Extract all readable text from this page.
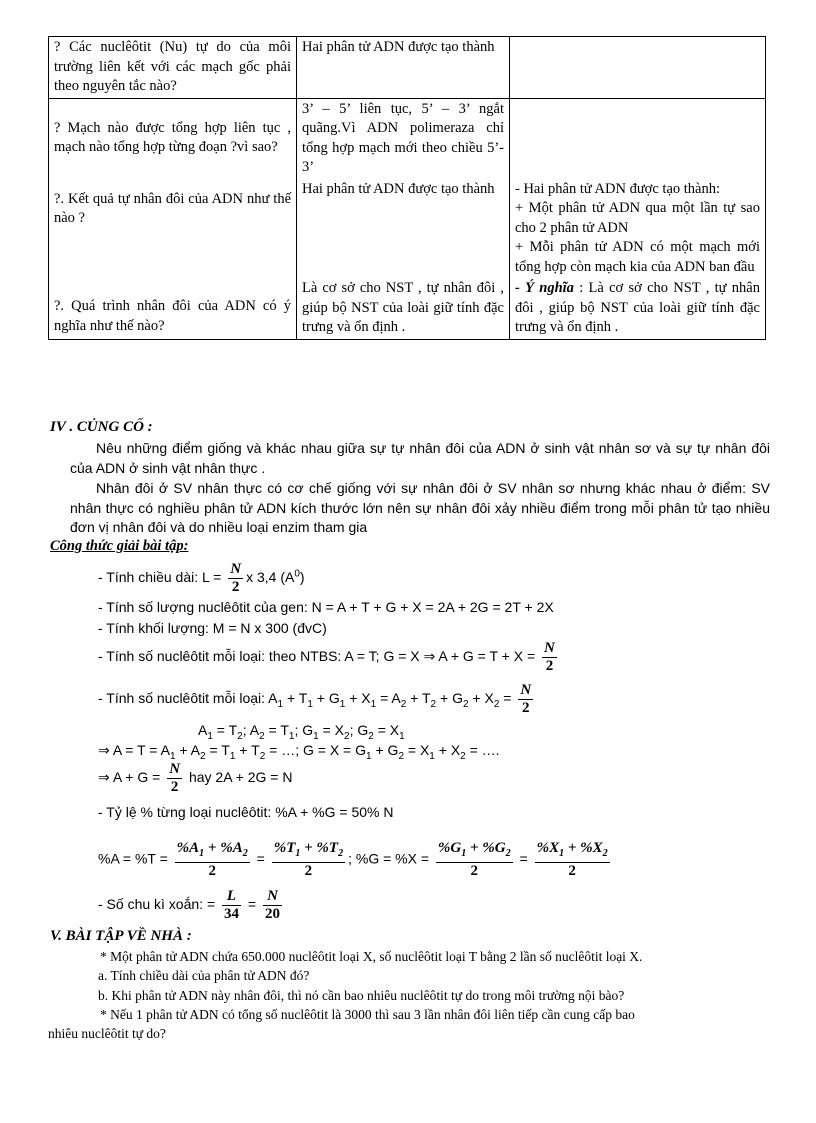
? Các nuclêôtit (Nu) tự do của môi trường liên kết với các mạch gốc phải theo nguyên tắc nào?	Hai phân tử ADN được tạo thành	

? Mạch nào được tổng hợp liên tục , mạch nào tổng hợp từng đoạn ?vì sao?	3’ – 5’ liên tục, 5’ – 3’ ngắt quãng.Vì ADN polimeraza chỉ tổng hợp mạch mới theo chiều 5’- 3’	

?. Kết quả tự nhân đôi của ADN như thế nào ?	Hai phân tử ADN được tạo thành	- Hai phân tử ADN được tạo thành:
+ Một phân tử ADN qua một lần tự sao cho 2 phân tử ADN
+ Mỗi phân tử ADN có một mạch mới tổng hợp còn mạch kia của ADN ban đầu

?. Quá trình nhân đôi của ADN có ý nghĩa như thế nào?	Là cơ sở cho NST , tự nhân đôi , giúp bộ NST của loài giữ tính đặc trưng và ổn định .	- Ý nghĩa : Là cơ sở cho NST , tự nhân đôi , giúp bộ NST của loài giữ tính đặc trưng và ổn định .
IV . CỦNG CỐ :
Nêu những điểm giống và khác nhau giữa sự tự nhân đôi của ADN ở sinh vật nhân sơ và sự tự nhân đôi của ADN ở sinh vật nhân thực .
Nhân đôi ở SV nhân thực có cơ chế giống với sự nhân đôi ở SV nhân sơ nhưng khác nhau ở điểm: SV nhân thực có nghiều phân tử ADN kích thước lớn nên sự nhân đôi xảy nhiều điểm trong mỗi phân tử tạo nhiều đơn vị nhân đôi và do nhiều loại enzim tham gia
Công thức giải bài tập:
- Tính chiều dài: $L = \frac{N}{2}$ x 3,4 $(A^0)$
- Tính số lượng nuclêôtit của gen: N = A + T + G + X = 2A + 2G = 2T + 2X
- Tính khối lượng: M = N x 300 (đvC)
- Tính số nuclêôtit mỗi loại: theo NTBS: A = T; G = X ⇒ $A + G = T + X = \frac{N}{2}$
- Tính số nuclêôtit mỗi loại: $A_1 + T_1 + G_1 + X_1 = A_2 + T_2 + G_2 + X_2 = \frac{N}{2}$
$A_1 = T_2$; $A_2 = T_1$; $G_1 = X_2$; $G_2 = X_1$
⇒ $A = T = A_1 + A_2 = T_1 + T_2$ = …; $G = X = G_1 + G_2 = X_1 + X_2$ = ….
⇒ $A + G = \frac{N}{2}$ hay 2A + 2G = N
- Tỷ lệ % từng loại nuclêôtit: %A + %G = 50% N
$\%A = \%T = \frac{\%A_1 + \%A_2}{2} = \frac{\%T_1 + \%T_2}{2}$ ; $\%G = \%X = \frac{\%G_1 + \%G_2}{2} = \frac{\%X_1 + \%X_2}{2}$
- Số chu kì xoắn: = $\frac{L}{34} = \frac{N}{20}$
V. BÀI TẬP VỀ NHÀ :
* Một phân tử ADN chứa 650.000 nuclêôtit loại X, số nuclêôtit loại T bằng 2 lần số nuclêôtit loại X.
a. Tính chiều dài của phân tử ADN đó?
b. Khi phân tử ADN này nhân đôi, thì nó cần bao nhiêu nuclêôtit tự do trong môi trường nội bào?
* Nếu 1 phân tử ADN có tổng số nuclêôtit là 3000 thì sau 3 lần nhân đôi liên tiếp cần cung cấp bao
nhiêu nuclêôtit tự do?
